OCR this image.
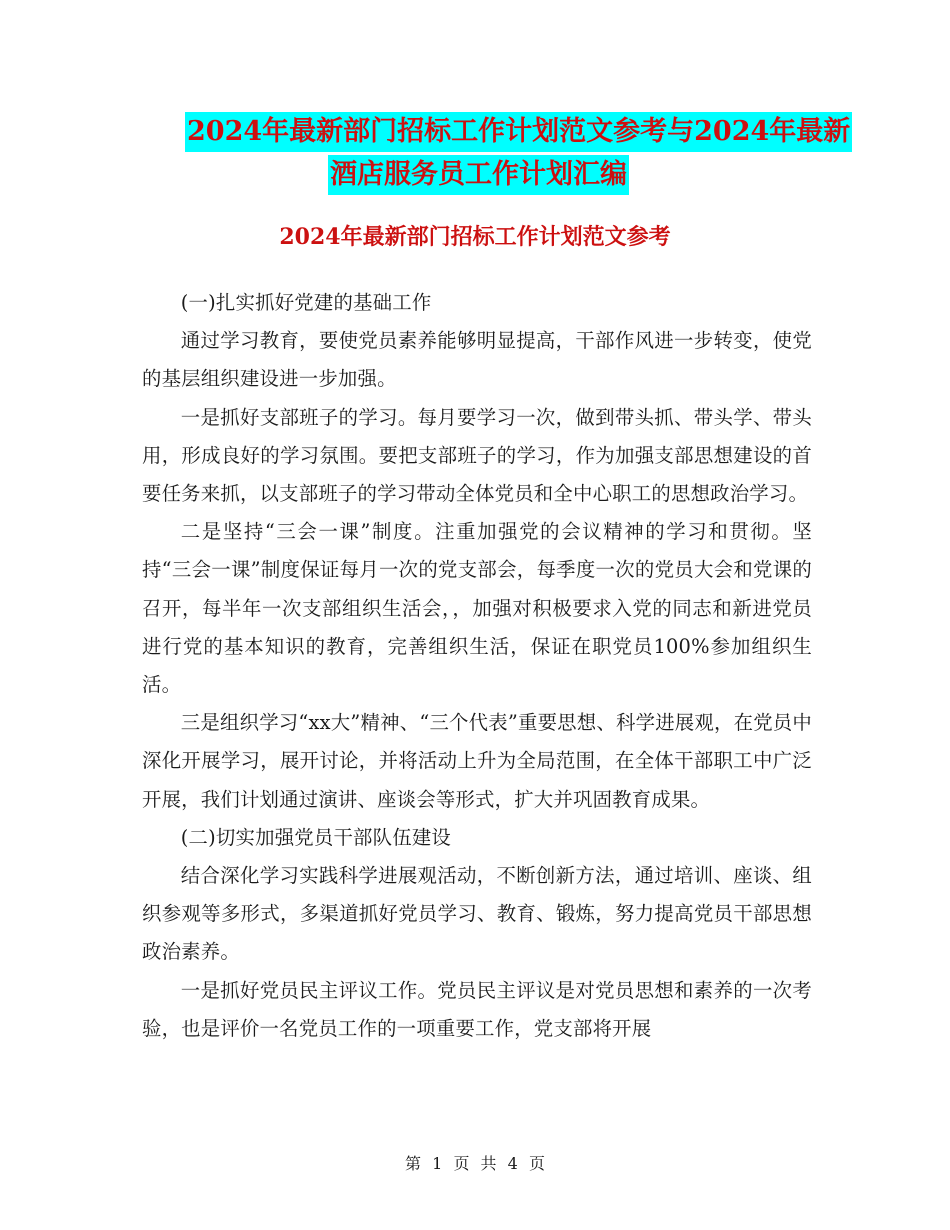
2024年最新部门招标工作计划范文参考与2024年最新
酒店服务员工作计划汇编
2024年最新部门招标工作计划范文参考

(一)扎实抓好党建的基础工作

通过学习教育，要使党员素养能够明显提高，干部作风进一步转变，使党的基层组织建设进一步加强。

一是抓好支部班子的学习。每月要学习一次，做到带头抓、带头学、带头用，形成良好的学习氛围。要把支部班子的学习，作为加强支部思想建设的首要任务来抓，以支部班子的学习带动全体党员和全中心职工的思想政治学习。

二是坚持“三会一课”制度。注重加强党的会议精神的学习和贯彻。坚持“三会一课”制度保证每月一次的党支部会，每季度一次的党员大会和党课的召开，每半年一次支部组织生活会，，加强对积极要求入党的同志和新进党员进行党的基本知识的教育，完善组织生活，保证在职党员100%参加组织生活。

三是组织学习“xx大”精神、“三个代表”重要思想、科学进展观，在党员中深化开展学习，展开讨论，并将活动上升为全局范围，在全体干部职工中广泛开展，我们计划通过演讲、座谈会等形式，扩大并巩固教育成果。

(二)切实加强党员干部队伍建设

结合深化学习实践科学进展观活动，不断创新方法，通过培训、座谈、组织参观等多形式，多渠道抓好党员学习、教育、锻炼，努力提高党员干部思想政治素养。

一是抓好党员民主评议工作。党员民主评议是对党员思想和素养的一次考验，也是评价一名党员工作的一项重要工作，党支部将开展

第 1 页 共 4 页
